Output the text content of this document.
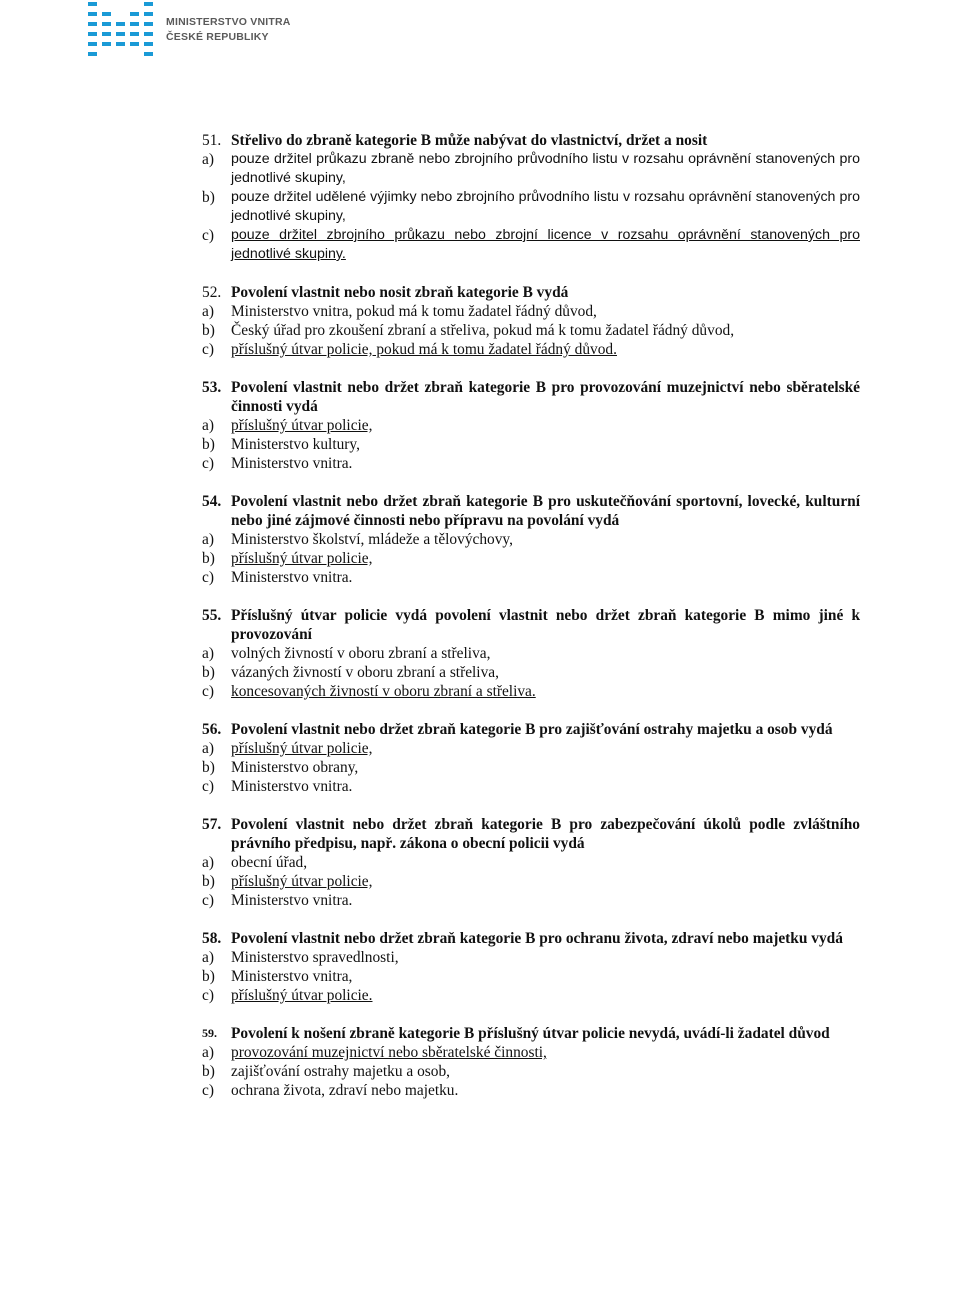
MINISTERSTVO VNITRA
ČESKÉ REPUBLIKY
51. Střelivo do zbraně kategorie B může nabývat do vlastnictví, držet a nosit
a)	pouze držitel průkazu zbraně nebo zbrojního průvodního listu v rozsahu oprávnění stanovených pro jednotlivé skupiny,
b)	pouze držitel udělené výjimky nebo zbrojního průvodního listu v rozsahu oprávnění stanovených pro jednotlivé skupiny,
c)	pouze držitel zbrojního průkazu nebo zbrojní licence v rozsahu oprávnění stanovených pro jednotlivé skupiny.
52. Povolení vlastnit nebo nosit zbraň kategorie B vydá
a)	Ministerstvo vnitra, pokud má k tomu žadatel řádný důvod,
b)	Český úřad pro zkoušení zbraní a střeliva, pokud má k tomu žadatel řádný důvod,
c)	příslušný útvar policie, pokud má k tomu žadatel řádný důvod.
53. Povolení vlastnit nebo držet zbraň kategorie B pro provozování muzejnictví nebo sběratelské činnosti vydá
a)	příslušný útvar policie,
b)	Ministerstvo kultury,
c)	Ministerstvo vnitra.
54. Povolení vlastnit nebo držet zbraň kategorie B pro uskutečňování sportovní, lovecké, kulturní nebo jiné zájmové činnosti nebo přípravu na povolání vydá
a)	Ministerstvo školství, mládeže a tělovýchovy,
b)	příslušný útvar policie,
c)	Ministerstvo vnitra.
55. Příslušný útvar policie vydá povolení vlastnit nebo držet zbraň kategorie B mimo jiné k provozování
a)	volných živností v oboru zbraní a střeliva,
b)	vázaných živností v oboru zbraní a střeliva,
c)	koncesovaných živností v oboru zbraní a střeliva.
56. Povolení vlastnit nebo držet zbraň kategorie B pro zajišťování ostrahy majetku a osob vydá
a)	příslušný útvar policie,
b)	Ministerstvo obrany,
c)	Ministerstvo vnitra.
57. Povolení vlastnit nebo držet zbraň kategorie B pro zabezpečování úkolů podle zvláštního právního předpisu, např. zákona o obecní policii vydá
a)	obecní úřad,
b)	příslušný útvar policie,
c)	Ministerstvo vnitra.
58. Povolení vlastnit nebo držet zbraň kategorie B pro ochranu života, zdraví nebo majetku vydá
a)	Ministerstvo spravedlnosti,
b)	Ministerstvo vnitra,
c)	příslušný útvar policie.
59. Povolení k nošení zbraně kategorie B příslušný útvar policie nevydá, uvádí-li žadatel důvod
a)	provozování muzejnictví nebo sběratelské činnosti,
b)	zajišťování ostrahy majetku a osob,
c)	ochrana života, zdraví nebo majetku.
